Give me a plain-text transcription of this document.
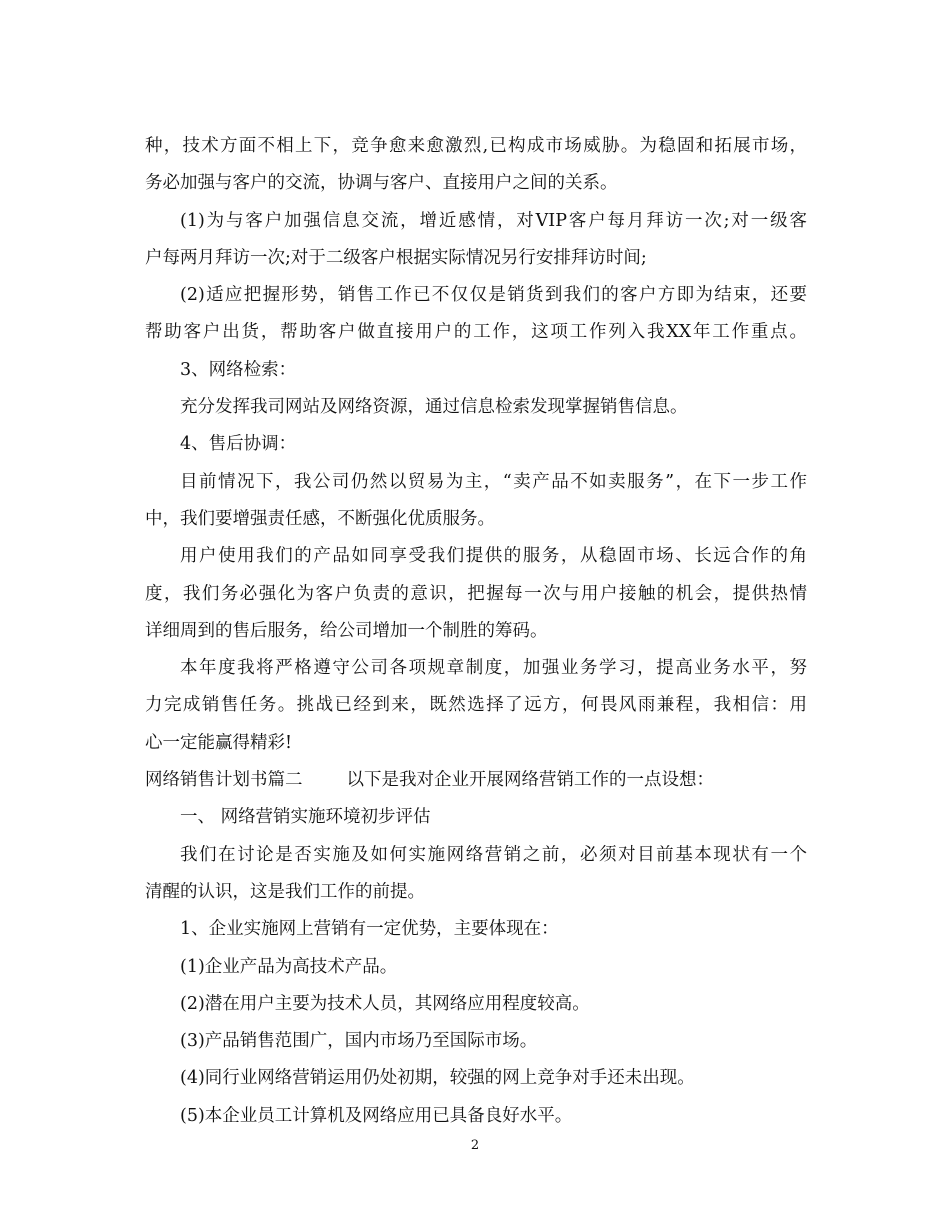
种，技术方面不相上下，竞争愈来愈激烈,已构成市场威胁。为稳固和拓展市场，
务必加强与客户的交流，协调与客户、直接用户之间的关系。
(1)为与客户加强信息交流，增近感情，对VIP客户每月拜访一次;对一级客
户每两月拜访一次;对于二级客户根据实际情况另行安排拜访时间;
(2)适应把握形势，销售工作已不仅仅是销货到我们的客户方即为结束，还要
帮助客户出货，帮助客户做直接用户的工作，这项工作列入我XX年工作重点。
3、网络检索：
充分发挥我司网站及网络资源，通过信息检索发现掌握销售信息。
4、售后协调：
目前情况下，我公司仍然以贸易为主，“卖产品不如卖服务”，在下一步工作
中，我们要增强责任感，不断强化优质服务。
用户使用我们的产品如同享受我们提供的服务，从稳固市场、长远合作的角
度，我们务必强化为客户负责的意识，把握每一次与用户接触的机会，提供热情
详细周到的售后服务，给公司增加一个制胜的筹码。
本年度我将严格遵守公司各项规章制度，加强业务学习，提高业务水平，努
力完成销售任务。挑战已经到来，既然选择了远方，何畏风雨兼程，我相信：用
心一定能赢得精彩!
网络销售计划书篇二	以下是我对企业开展网络营销工作的一点设想：
一、 网络营销实施环境初步评估
我们在讨论是否实施及如何实施网络营销之前，必须对目前基本现状有一个
清醒的认识，这是我们工作的前提。
1、企业实施网上营销有一定优势，主要体现在：
(1)企业产品为高技术产品。
(2)潜在用户主要为技术人员，其网络应用程度较高。
(3)产品销售范围广，国内市场乃至国际市场。
(4)同行业网络营销运用仍处初期，较强的网上竞争对手还未出现。
(5)本企业员工计算机及网络应用已具备良好水平。
2
